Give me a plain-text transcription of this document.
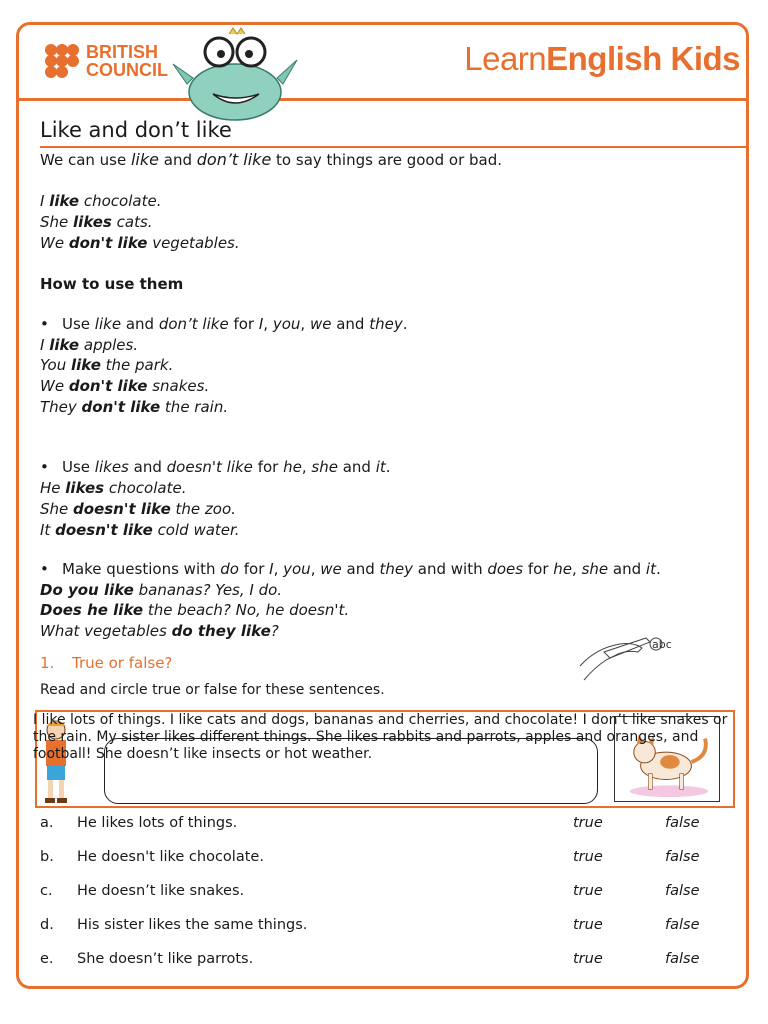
BRITISH
COUNCIL	LearnEnglish Kids
Like and don’t like
We can use like and don’t like to say things are good or bad.
I like chocolate.
She likes cats.
We don't like vegetables.
How to use them
• Use like and don’t like for I, you, we and they.
I like apples.
You like the park.
We don't like snakes.
They don't like the rain.
• Use likes and doesn't like for he, she and it.
He likes chocolate.
She doesn't like the zoo.
It doesn't like cold water.
• Make questions with do for I, you, we and they and with does for he, she and it.
Do you like bananas? Yes, I do.
Does he like the beach? No, he doesn't.
What vegetables do they like?
abc
1. True or false?
Read and circle true or false for these sentences.
I like lots of things. I like cats and dogs, bananas and cherries, and chocolate! I don’t like snakes or the rain. My sister likes different things. She likes rabbits and parrots, apples and oranges, and football! She doesn’t like insects or hot weather.
a. He likes lots of things.	true	false
b. He doesn't like chocolate.	true	false
c. He doesn’t like snakes.	true	false
d. His sister likes the same things.	true	false
e. She doesn’t like parrots.	true	false
